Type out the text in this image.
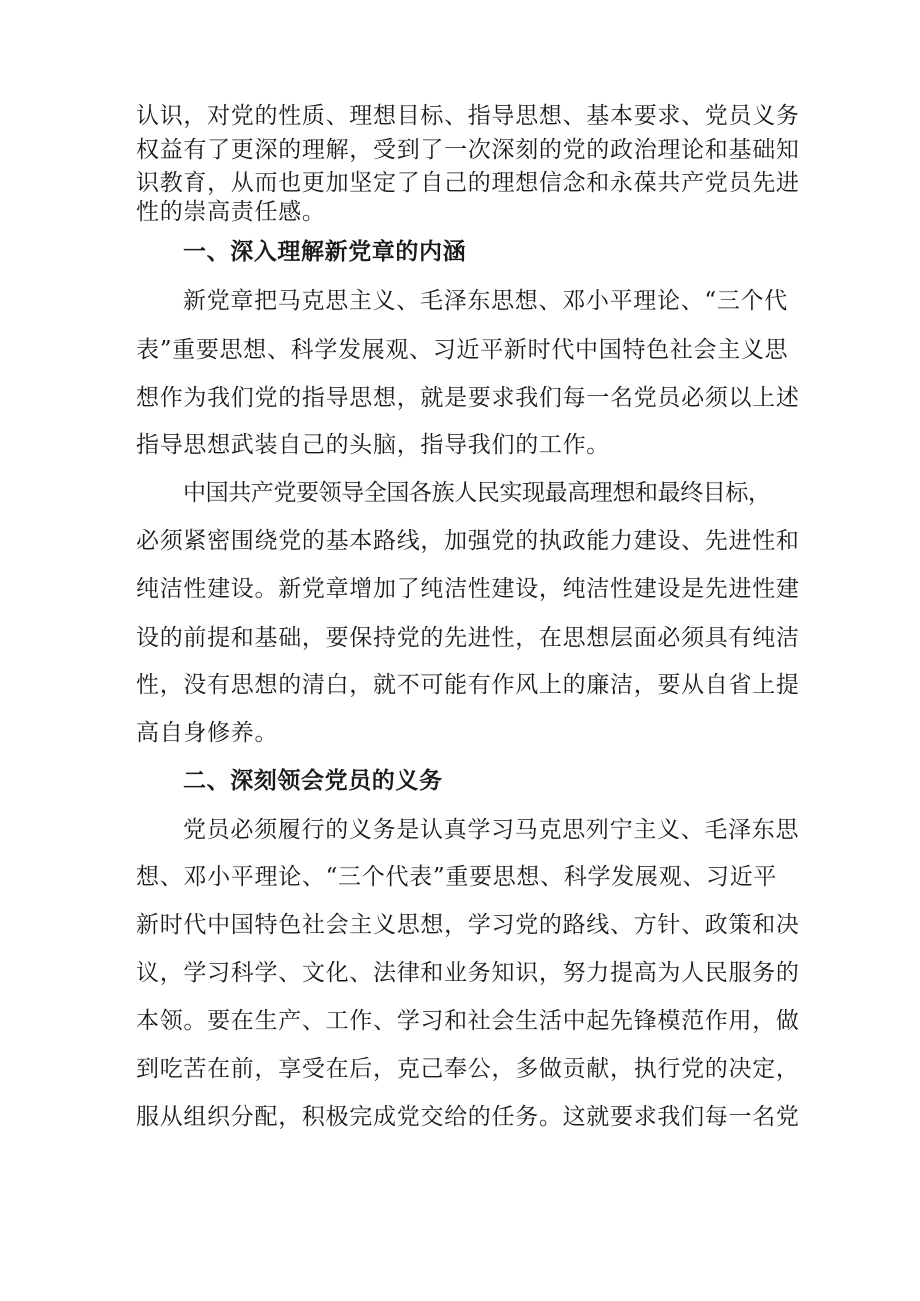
认识，对党的性质、理想目标、指导思想、基本要求、党员义务
权益有了更深的理解，受到了一次深刻的党的政治理论和基础知
识教育，从而也更加坚定了自己的理想信念和永葆共产党员先进
性的崇高责任感。
一、深入理解新党章的内涵
新党章把马克思主义、毛泽东思想、邓小平理论、“三个代
表”重要思想、科学发展观、习近平新时代中国特色社会主义思
想作为我们党的指导思想，就是要求我们每一名党员必须以上述
指导思想武装自己的头脑，指导我们的工作。
中国共产党要领导全国各族人民实现最高理想和最终目标，
必须紧密围绕党的基本路线，加强党的执政能力建设、先进性和
纯洁性建设。新党章增加了纯洁性建设，纯洁性建设是先进性建
设的前提和基础，要保持党的先进性，在思想层面必须具有纯洁
性，没有思想的清白，就不可能有作风上的廉洁，要从自省上提
高自身修养。
二、深刻领会党员的义务
党员必须履行的义务是认真学习马克思列宁主义、毛泽东思
想、邓小平理论、“三个代表”重要思想、科学发展观、习近平
新时代中国特色社会主义思想，学习党的路线、方针、政策和决
议，学习科学、文化、法律和业务知识，努力提高为人民服务的
本领。要在生产、工作、学习和社会生活中起先锋模范作用，做
到吃苦在前，享受在后，克己奉公，多做贡献，执行党的决定，
服从组织分配，积极完成党交给的任务。这就要求我们每一名党
